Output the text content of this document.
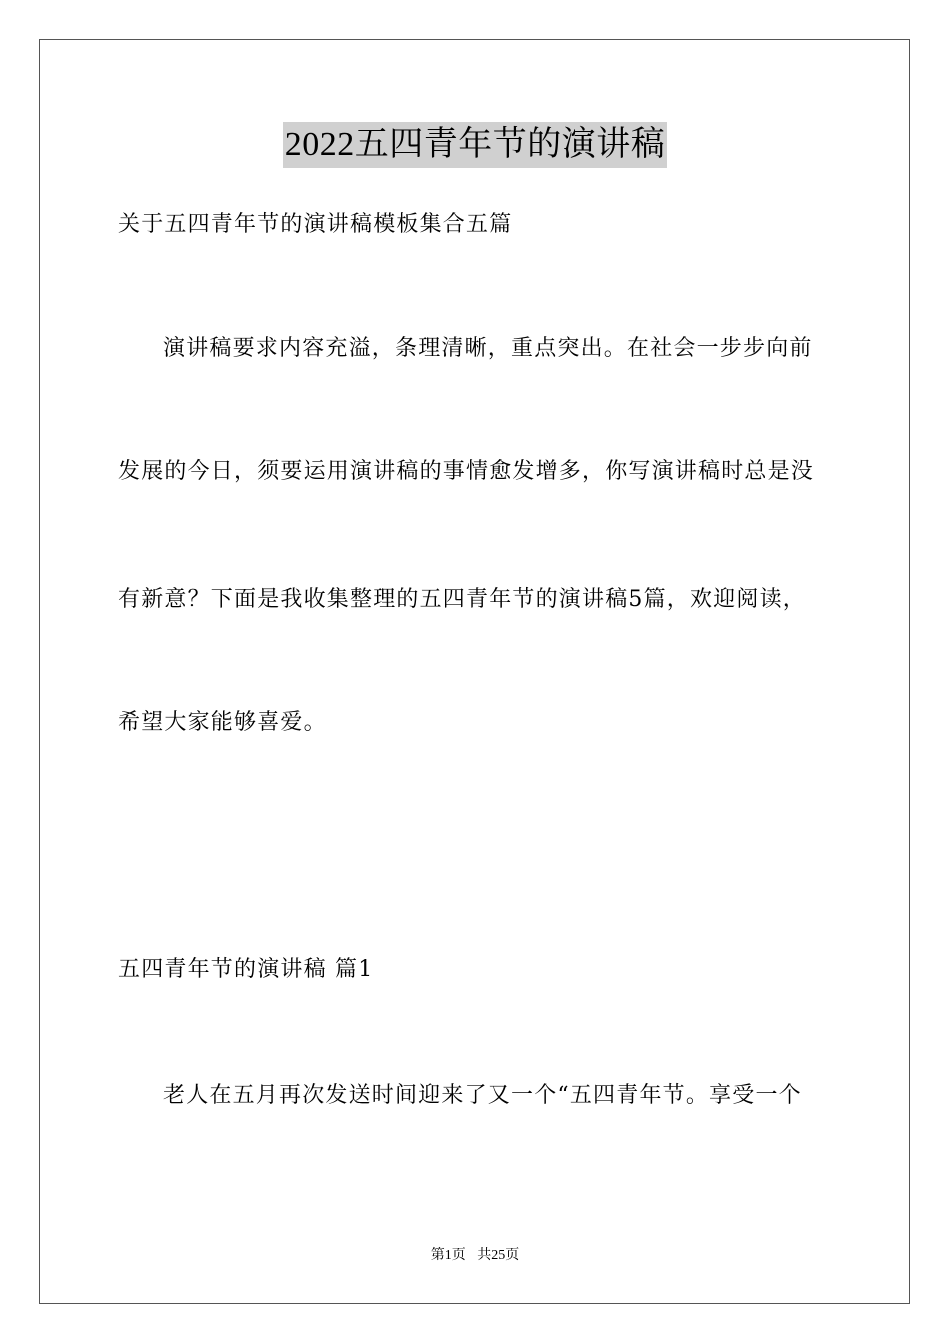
2022五四青年节的演讲稿
关于五四青年节的演讲稿模板集合五篇
演讲稿要求内容充溢，条理清晰，重点突出。在社会一步步向前
发展的今日，须要运用演讲稿的事情愈发增多，你写演讲稿时总是没
有新意？下面是我收集整理的五四青年节的演讲稿5篇，欢迎阅读，
希望大家能够喜爱。
五四青年节的演讲稿 篇1
老人在五月再次发送时间迎来了又一个“五四青年节。享受一个
第1页 共25页
